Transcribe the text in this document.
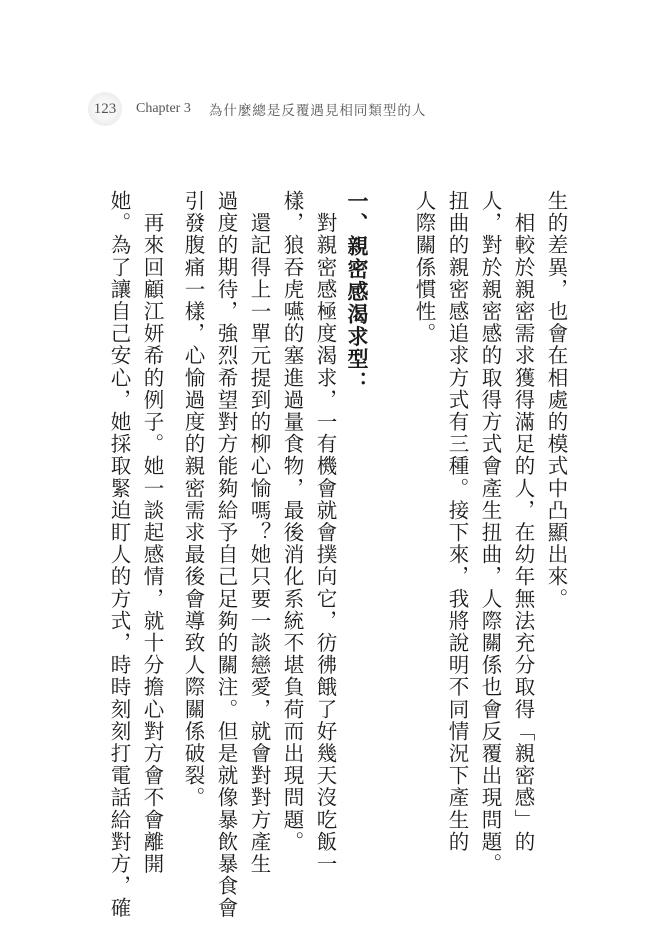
123	Chapter 3 為什麼總是反覆遇見相同類型的人
生的差異，也會在相處的模式中凸顯出來。
　相較於親密需求獲得滿足的人，在幼年無法充分取得「親密感」的
人，對於親密感的取得方式會產生扭曲，人際關係也會反覆出現問題。
扭曲的親密感追求方式有三種。接下來，我將說明不同情況下產生的
人際關係慣性。
一、親密感渴求型：
　對親密感極度渴求，一有機會就會撲向它，彷彿餓了好幾天沒吃飯一
樣，狼吞虎嚥的塞進過量食物，最後消化系統不堪負荷而出現問題。
　還記得上一單元提到的柳心愉嗎？她只要一談戀愛，就會對對方產生
過度的期待，強烈希望對方能夠給予自己足夠的關注。但是就像暴飲暴食會
引發腹痛一樣，心愉過度的親密需求最後會導致人際關係破裂。
　再來回顧江妍希的例子。她一談起感情，就十分擔心對方會不會離開
她。為了讓自己安心，她採取緊迫盯人的方式，時時刻刻打電話給對方，確
